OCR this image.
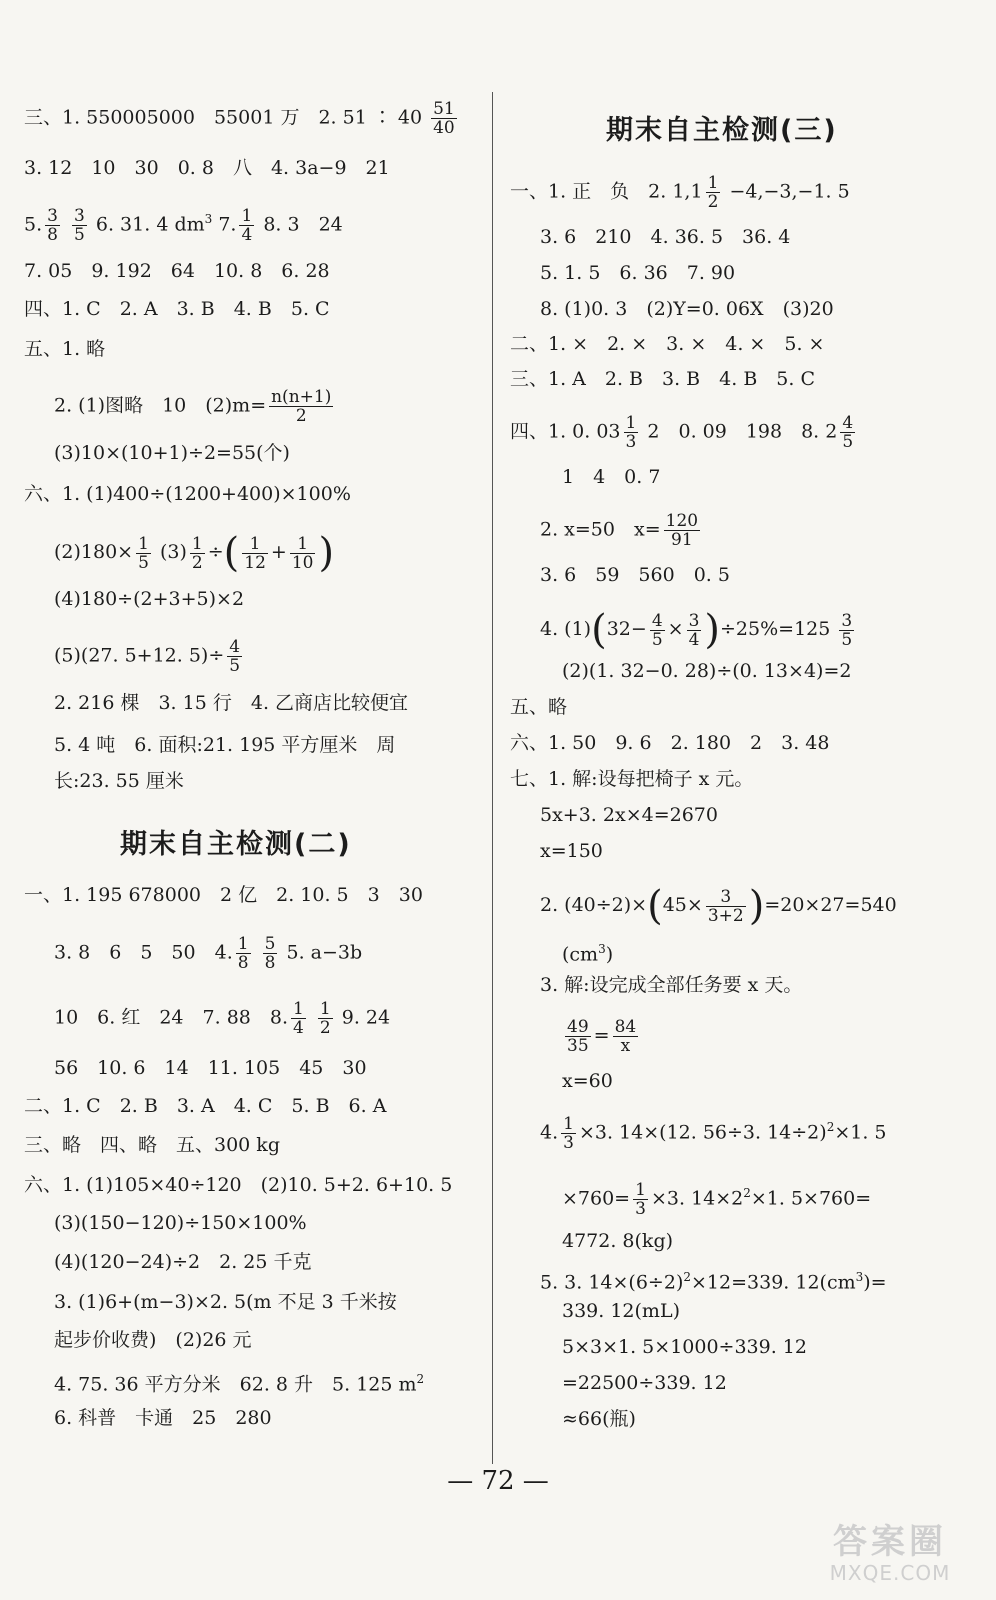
三、1. 550005000　55001 万　2. 51 ∶ $40 \frac{51}{40}$
3. 12　10　30　0. 8　八　4. 3a−9　21
5. $\frac{3}{8}$
$\frac{3}{5} 6$. 31. 4 $dm^3$ 7. $\frac{1}{4} 8$. 3　24
7. 05　9. 192　64　10. 8　6. 28
四、1. C　2. A　3. B　4. B　5. C
五、1. 略
2. (1)图略　10　$(2)m= \frac{n(n+1)}{2}$
(3)10×(10+1)÷2=55(个)
六、1. (1)400÷(1200+400)×100%
$(2)180\times \frac{1}{5} (3) \frac{1}{2}$ ÷( $\frac{1}{12} + \frac{1}{10}$ )
(4)180÷(2+3+5)×2
(5)(27. 5+12. $5)\div \frac{4}{5}$
2. 216 棵　3. 15 行　4. 乙商店比较便宜
5. 4 吨　6. 面积:21. 195 平方厘米　周
长:23. 55 厘米
期末自主检测(二)
一、1. 195 678000　2 亿　2. 10. 5　3　30
3. 8　6　5　50　4. $\frac{1}{8}$
$\frac{5}{8} 5$. a−3b
10　6. 红　24　7. 88　8. $\frac{1}{4}$
$\frac{1}{2} 9$. 24
56　10. 6　14　11. 105　45　30
二、1. C　2. B　3. A　4. C　5. B　6. A
三、略　四、略　五、300 kg
六、1. (1)105×40÷120　(2)10. 5+2. 6+10. 5
(3)(150−120)÷150×100%
(4)(120−24)÷2　2. 25 千克
3. (1)6+(m−3)×2. 5(m 不足 3 千米按
起步价收费)　(2)26 元
4. 75. 36 平方分米　62. 8 升　5. 125 $m^2$
6. 科普　卡通　25　280
期末自主检测(三)
一、1. 正　负　2. $1,1 \frac{1}{2} -4,-3,-1$. 5
3. 6　210　4. 36. 5　36. 4
5. 1. 5　6. 36　7. 90
8. (1)0. 3　(2)Y=0. 06X　(3)20
二、1. ×　2. ×　3. ×　4. ×　5. ×
三、1. A　2. B　3. B　4. B　5. C
四、1. 0. $03 \frac{1}{3} 2$　0. 09　198　8. $2 \frac{4}{5}$
1　4　0. 7
2. x=50　$x= \frac{120}{91}$
3. 6　59　560　0. 5
4. $(1)(32- \frac{4}{5} \times \frac{3}{4} )\div 25\%=125 \frac{3}{5}$
(2)(1. 32−0. 28)÷(0. 13×4)=2
五、略
六、1. 50　9. 6　2. 180　2　3. 48
七、1. 解:设每把椅子 x 元。
5x+3. 2x×4=2670
x=150
2. $(40\div 2)\times(45\times \frac{3}{3+2} )=20\times 27=540$
$(cm^3)$
3. 解:设完成全部任务要 x 天。
$\frac{49}{35} = \frac{84}{x}$
x=60
4. $\frac{1}{3} \times 3$. 14×(12. 56÷3. 14÷2)$^2$×1. 5
$\times 760= \frac{1}{3} \times 3$. $14\times 2^2\times 1$. 5×760=
4772. 8(kg)
5. 3. $14\times(6\div 2)^2\times 12=339$. $12(cm^3)=$
339. 12(mL)
5×3×1. 5×1000÷339. 12
=22500÷339. 12
≈66(瓶)
— 72 —
答案圈
MXQE.COM
